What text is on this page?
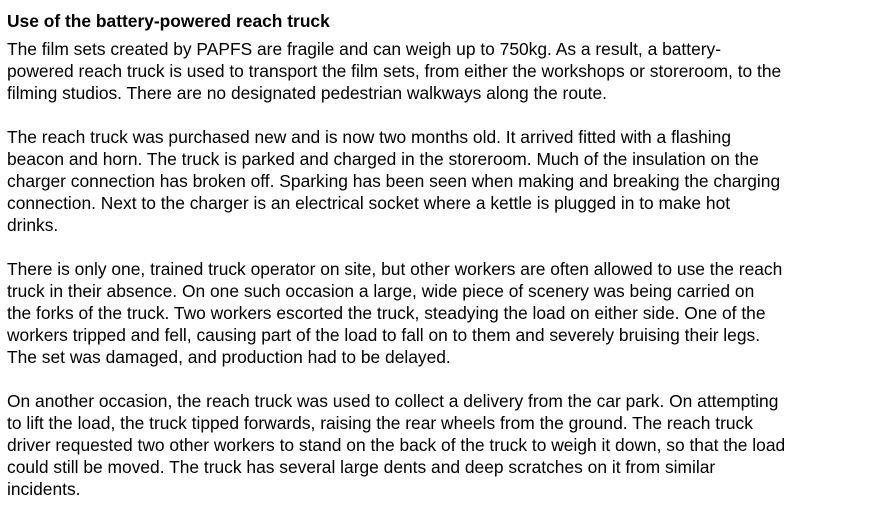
Use of the battery-powered reach truck
The film sets created by PAPFS are fragile and can weigh up to 750kg. As a result, a battery-
powered reach truck is used to transport the film sets, from either the workshops or storeroom, to the
filming studios. There are no designated pedestrian walkways along the route.
The reach truck was purchased new and is now two months old. It arrived fitted with a flashing
beacon and horn. The truck is parked and charged in the storeroom. Much of the insulation on the
charger connection has broken off. Sparking has been seen when making and breaking the charging
connection. Next to the charger is an electrical socket where a kettle is plugged in to make hot
drinks.
There is only one, trained truck operator on site, but other workers are often allowed to use the reach
truck in their absence. On one such occasion a large, wide piece of scenery was being carried on
the forks of the truck. Two workers escorted the truck, steadying the load on either side. One of the
workers tripped and fell, causing part of the load to fall on to them and severely bruising their legs.
The set was damaged, and production had to be delayed.
On another occasion, the reach truck was used to collect a delivery from the car park. On attempting
to lift the load, the truck tipped forwards, raising the rear wheels from the ground. The reach truck
driver requested two other workers to stand on the back of the truck to weigh it down, so that the load
could still be moved. The truck has several large dents and deep scratches on it from similar
incidents.
